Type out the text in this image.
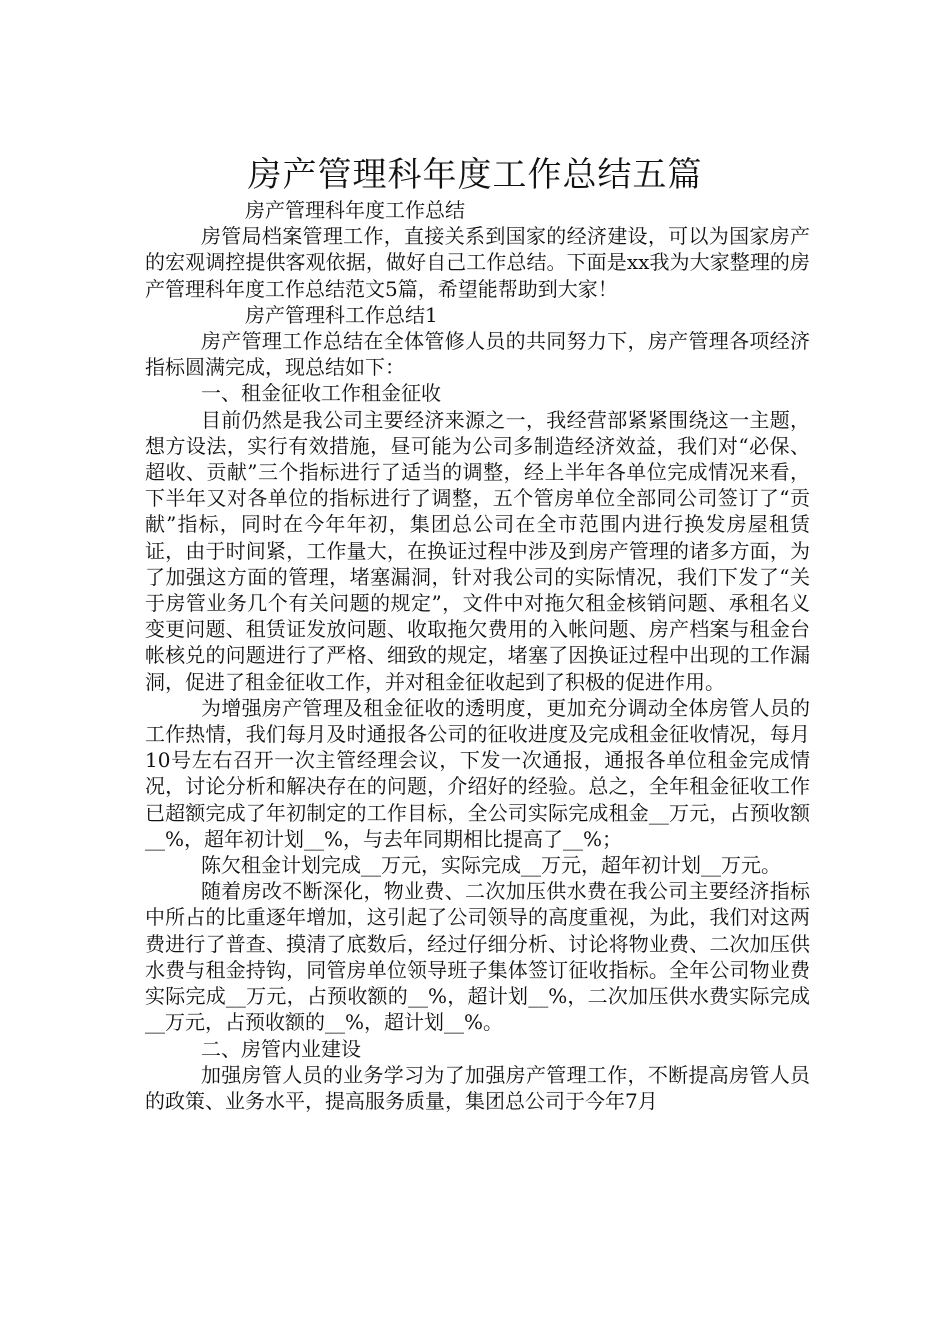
房产管理科年度工作总结五篇

房产管理科年度工作总结

房管局档案管理工作，直接关系到国家的经济建设，可以为国家房产的宏观调控提供客观依据，做好自己工作总结。下面是xx我为大家整理的房产管理科年度工作总结范文5篇，希望能帮助到大家！

房产管理科工作总结1

房产管理工作总结在全体管修人员的共同努力下，房产管理各项经济指标圆满完成，现总结如下：

一、租金征收工作租金征收

目前仍然是我公司主要经济来源之一，我经营部紧紧围绕这一主题，想方设法，实行有效措施，昼可能为公司多制造经济效益，我们对“必保、超收、贡献”三个指标进行了适当的调整，经上半年各单位完成情况来看，下半年又对各单位的指标进行了调整，五个管房单位全部同公司签订了“贡献”指标，同时在今年年初，集团总公司在全市范围内进行换发房屋租赁证，由于时间紧，工作量大，在换证过程中涉及到房产管理的诸多方面，为了加强这方面的管理，堵塞漏洞，针对我公司的实际情况，我们下发了“关于房管业务几个有关问题的规定”，文件中对拖欠租金核销问题、承租名义变更问题、租赁证发放问题、收取拖欠费用的入帐问题、房产档案与租金台帐核兑的问题进行了严格、细致的规定，堵塞了因换证过程中出现的工作漏洞，促进了租金征收工作，并对租金征收起到了积极的促进作用。

为增强房产管理及租金征收的透明度，更加充分调动全体房管人员的工作热情，我们每月及时通报各公司的征收进度及完成租金征收情况，每月10号左右召开一次主管经理会议，下发一次通报，通报各单位租金完成情况，讨论分析和解决存在的问题，介绍好的经验。总之，全年租金征收工作已超额完成了年初制定的工作目标，全公司实际完成租金__万元，占预收额__%，超年初计划__%，与去年同期相比提高了__%；

陈欠租金计划完成__万元，实际完成__万元，超年初计划__万元。

随着房改不断深化，物业费、二次加压供水费在我公司主要经济指标中所占的比重逐年增加，这引起了公司领导的高度重视，为此，我们对这两费进行了普查、摸清了底数后，经过仔细分析、讨论将物业费、二次加压供水费与租金持钩，同管房单位领导班子集体签订征收指标。全年公司物业费实际完成__万元，占预收额的__%，超计划__%，二次加压供水费实际完成__万元，占预收额的__%，超计划__%。

二、房管内业建设

加强房管人员的业务学习为了加强房产管理工作，不断提高房管人员的政策、业务水平，提高服务质量，集团总公司于今年7月
